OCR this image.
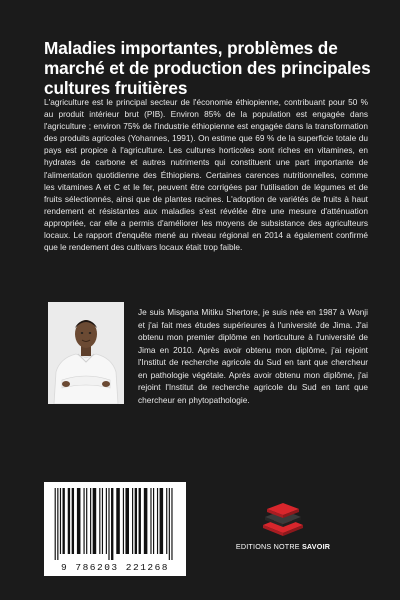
Maladies importantes, problèmes de marché et de production des principales cultures fruitières

L'agriculture est le principal secteur de l'économie éthiopienne, contribuant pour 50 % au produit intérieur brut (PIB). Environ 85% de la population est engagée dans l'agriculture ; environ 75% de l'industrie éthiopienne est engagée dans la transformation des produits agricoles (Yohannes, 1991). On estime que 69 % de la superficie totale du pays est propice à l'agriculture. Les cultures horticoles sont riches en vitamines, en hydrates de carbone et autres nutriments qui constituent une part importante de l'alimentation quotidienne des Éthiopiens. Certaines carences nutritionnelles, comme les vitamines A et C et le fer, peuvent être corrigées par l'utilisation de légumes et de fruits sélectionnés, ainsi que de plantes racines. L'adoption de variétés de fruits à haut rendement et résistantes aux maladies s'est révélée être une mesure d'atténuation appropriée, car elle a permis d'améliorer les moyens de subsistance des agriculteurs locaux. Le rapport d'enquête mené au niveau régional en 2014 a également confirmé que le rendement des cultivars locaux était trop faible.

Je suis Misgana Mitiku Shertore, je suis née en 1987 à Wonji et j'ai fait mes études supérieures à l'université de Jima. J'ai obtenu mon premier diplôme en horticulture à l'université de Jima en 2010. Après avoir obtenu mon diplôme, j'ai rejoint l'Institut de recherche agricole du Sud en tant que chercheur en pathologie végétale. Après avoir obtenu mon diplôme, j'ai rejoint l'Institut de recherche agricole du Sud en tant que chercheur en phytopathologie.

9 786203 221268
EDITIONS NOTRE SAVOIR
